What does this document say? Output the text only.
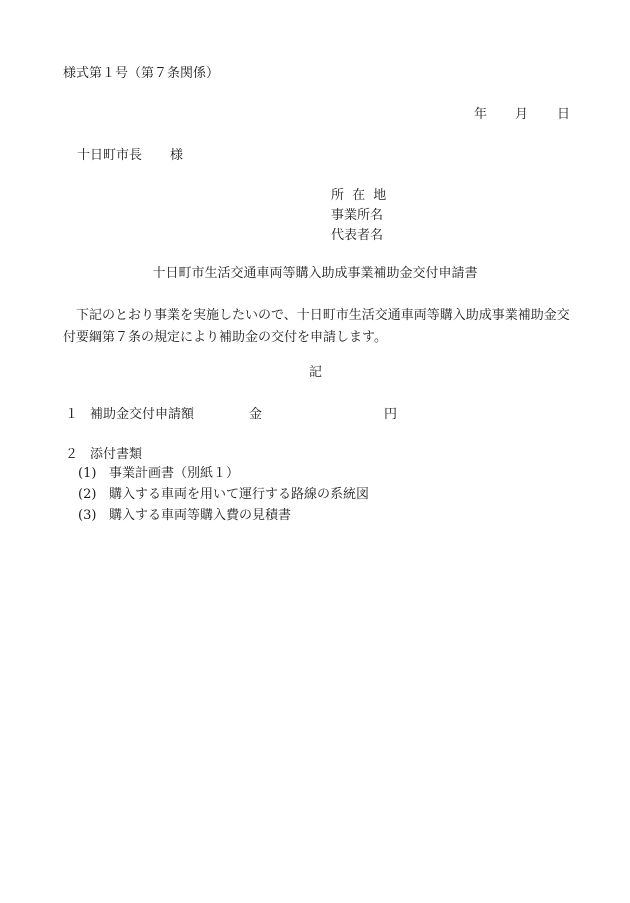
様式第１号（第７条関係）
年 月 日
十日町市長 様
所 在 地
事業所名
代表者名
十日町市生活交通車両等購入助成事業補助金交付申請書
下記のとおり事業を実施したいので、十日町市生活交通車両等購入助成事業補助金交付要綱第７条の規定により補助金の交付を申請します。
記
１ 補助金交付申請額	金	円
２ 添付書類
(1) 事業計画書（別紙１）
(2) 購入する車両を用いて運行する路線の系統図
(3) 購入する車両等購入費の見積書
